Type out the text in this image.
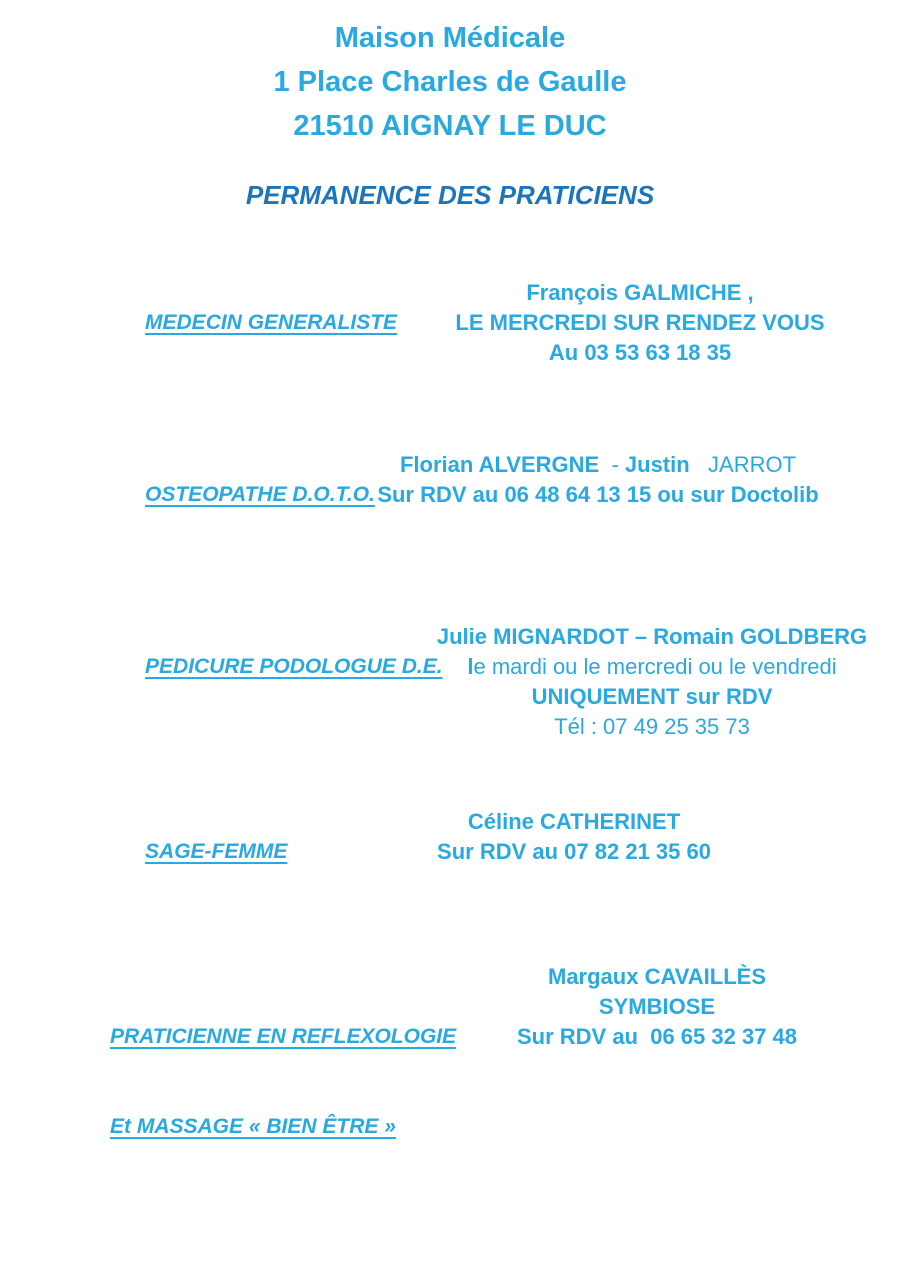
Maison Médicale
1 Place Charles de Gaulle
21510 AIGNAY LE DUC
PERMANENCE DES PRATICIENS

MEDECIN GENERALISTE

François GALMICHE ,
LE MERCREDI SUR RENDEZ VOUS
Au 03 53 63 18 35

OSTEOPATHE D.O.T.O.

Florian ALVERGNE  - Justin   JARROT
Sur RDV au 06 48 64 13 15 ou sur Doctolib

PEDICURE PODOLOGUE D.E.

Julie MIGNARDOT – Romain GOLDBERG
le mardi ou le mercredi ou le vendredi
UNIQUEMENT sur RDV
Tél : 07 49 25 35 73

SAGE-FEMME

Céline CATHERINET
Sur RDV au 07 82 21 35 60

PRATICIENNE EN REFLEXOLOGIE

Et MASSAGE « BIEN ÊTRE »

Margaux CAVAILLÈS
SYMBIOSE
Sur RDV au  06 65 32 37 48
